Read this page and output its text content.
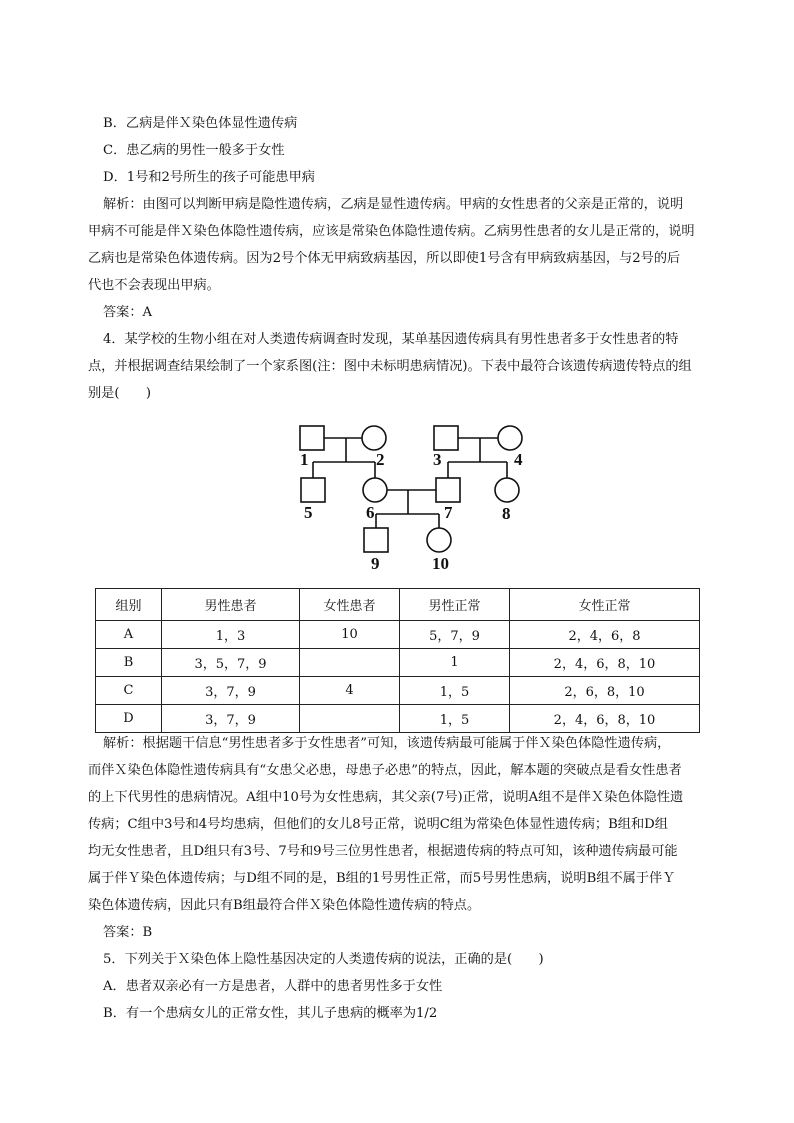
B．乙病是伴Ｘ染色体显性遗传病
C．患乙病的男性一般多于女性
D．1号和2号所生的孩子可能患甲病
解析：由图可以判断甲病是隐性遗传病，乙病是显性遗传病。甲病的女性患者的父亲是正常的，说明
甲病不可能是伴Ｘ染色体隐性遗传病，应该是常染色体隐性遗传病。乙病男性患者的女儿是正常的，说明
乙病也是常染色体遗传病。因为2号个体无甲病致病基因，所以即使1号含有甲病致病基因，与2号的后
代也不会表现出甲病。
答案：A
4．某学校的生物小组在对人类遗传病调查时发现，某单基因遗传病具有男性患者多于女性患者的特
点，并根据调查结果绘制了一个家系图(注：图中未标明患病情况)。下表中最符合该遗传病遗传特点的组
别是(　　)
1	2	3	4
5	6	7	8
9	10
组别	男性患者	女性患者	男性正常	女性正常
A	1，3	10	5，7，9	2，4，6，8
B	3，5，7，9		1	2，4，6，8，10
C	3，7，9	4	1，5	2，6，8，10
D	3，7，9		1，5	2，4，6，8，10
解析：根据题干信息“男性患者多于女性患者”可知，该遗传病最可能属于伴Ｘ染色体隐性遗传病，
而伴Ｘ染色体隐性遗传病具有“女患父必患，母患子必患”的特点，因此，解本题的突破点是看女性患者
的上下代男性的患病情况。A组中10号为女性患病，其父亲(7号)正常，说明A组不是伴Ｘ染色体隐性遗
传病；C组中3号和4号均患病，但他们的女儿8号正常，说明C组为常染色体显性遗传病；B组和D组
均无女性患者，且D组只有3号、7号和9号三位男性患者，根据遗传病的特点可知，该种遗传病最可能
属于伴Ｙ染色体遗传病；与D组不同的是，B组的1号男性正常，而5号男性患病，说明B组不属于伴Ｙ
染色体遗传病，因此只有B组最符合伴Ｘ染色体隐性遗传病的特点。
答案：B
5．下列关于Ｘ染色体上隐性基因决定的人类遗传病的说法，正确的是(　　)
A．患者双亲必有一方是患者，人群中的患者男性多于女性
B．有一个患病女儿的正常女性，其儿子患病的概率为1/2
